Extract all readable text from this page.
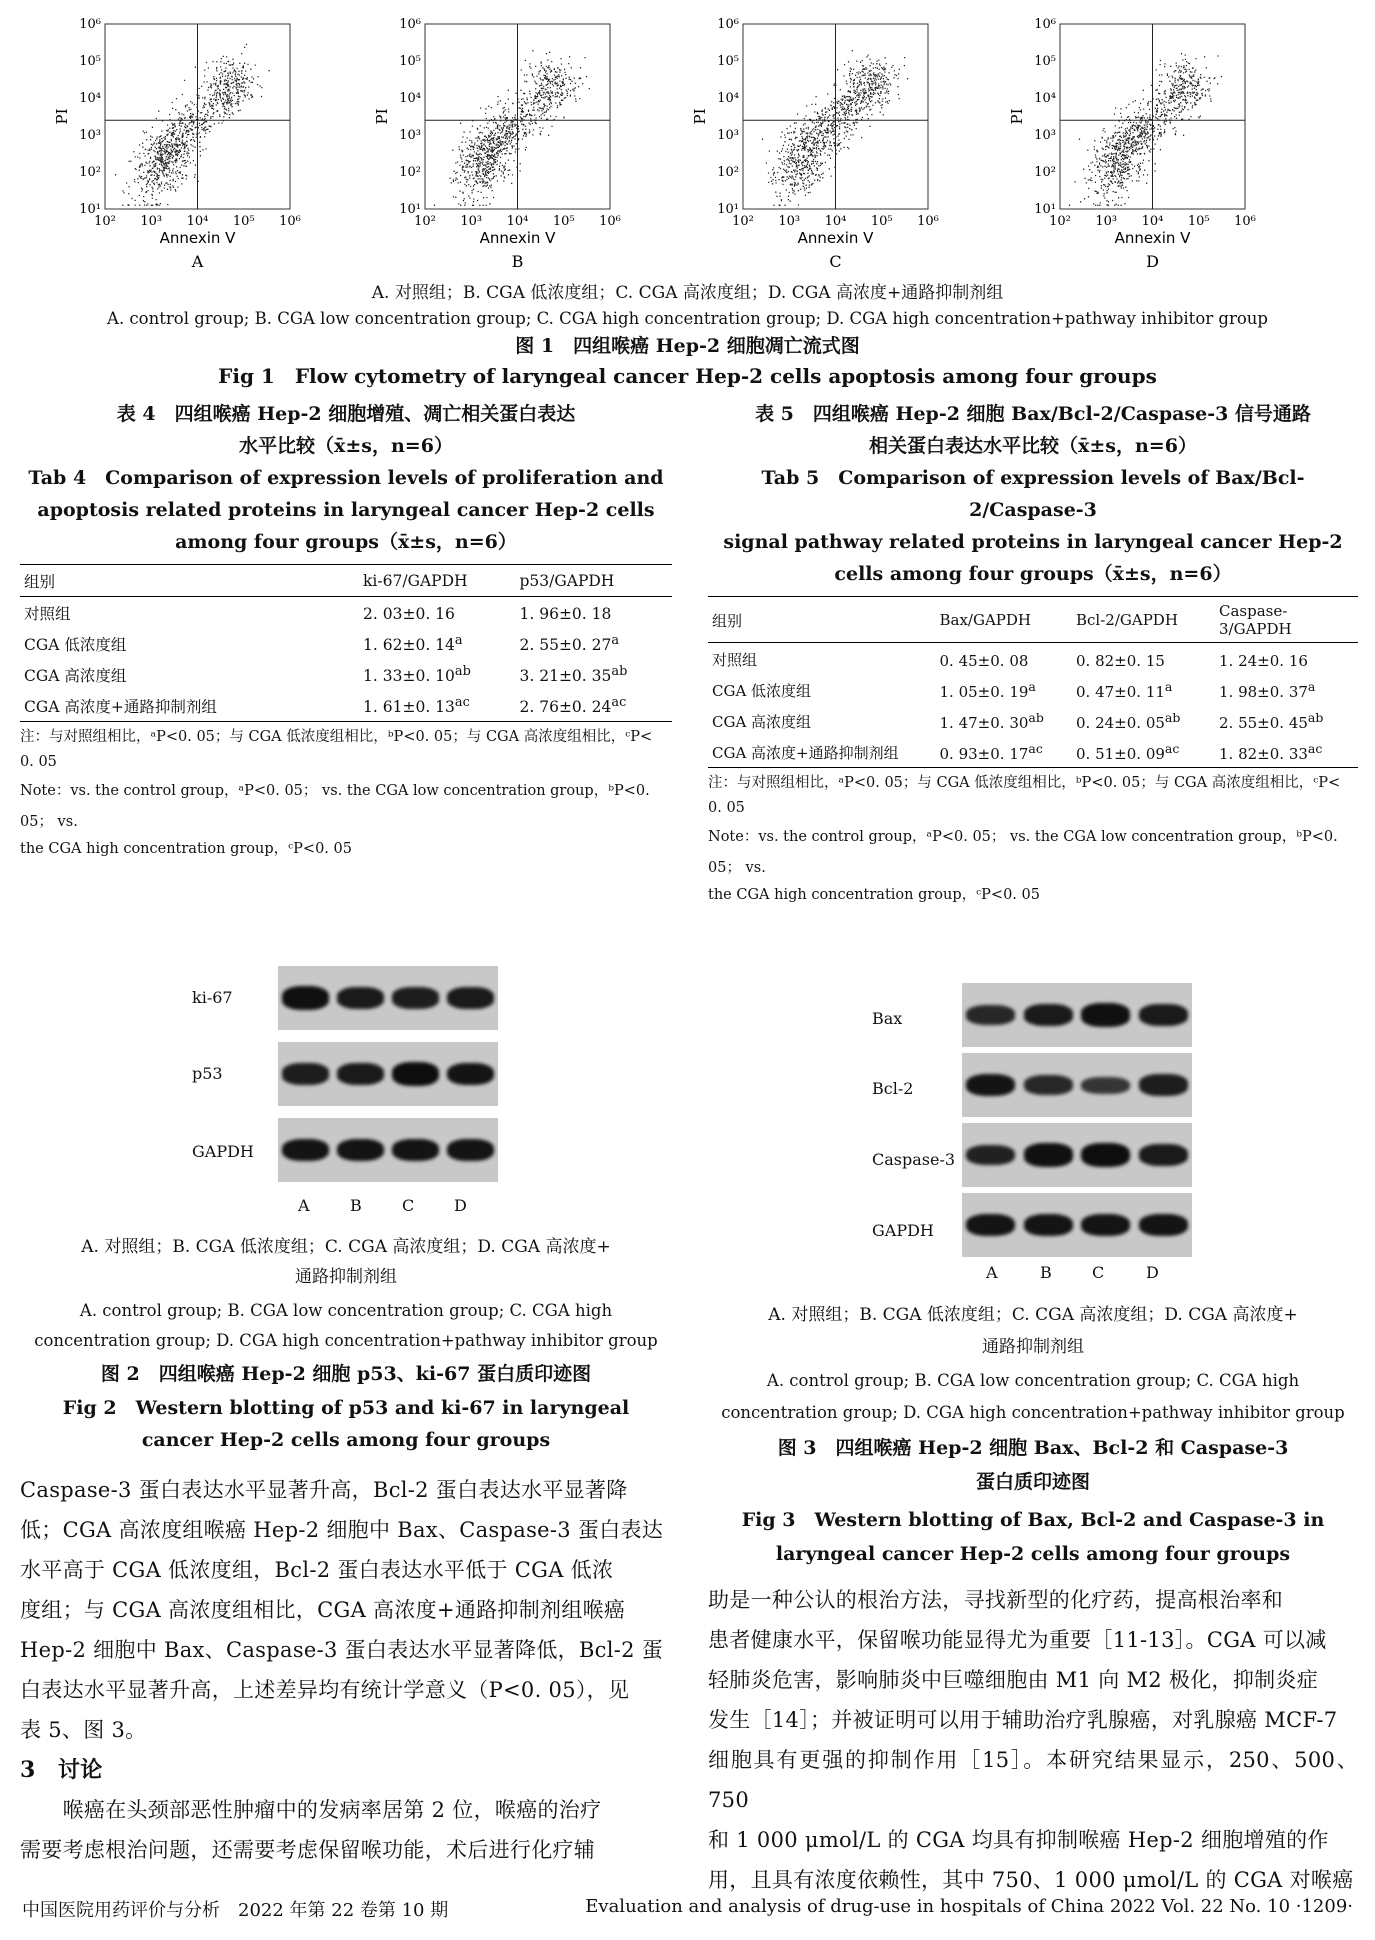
10² 10³ 10⁴ 10⁵ 10⁶
10¹
10²
10³
10⁴
10⁵
10⁶
Annexin V
PI
A
10² 10³ 10⁴ 10⁵ 10⁶
10¹
10²
10³
10⁴
10⁵
10⁶
Annexin V
PI
B
10² 10³ 10⁴ 10⁵ 10⁶
10¹
10²
10³
10⁴
10⁵
10⁶
Annexin V
PI
C
10² 10³ 10⁴ 10⁵ 10⁶
10¹
10²
10³
10⁴
10⁵
10⁶
Annexin V
PI
D
A. 对照组；B. CGA 低浓度组；C. CGA 高浓度组；D. CGA 高浓度+通路抑制剂组
A. control group; B. CGA low concentration group; C. CGA high concentration group; D. CGA high concentration+pathway inhibitor group
图 1　四组喉癌 Hep-2 细胞凋亡流式图
Fig 1　Flow cytometry of laryngeal cancer Hep-2 cells apoptosis among four groups
表 4　四组喉癌 Hep-2 细胞增殖、凋亡相关蛋白表达
水平比较（x̄±s，n=6）
Tab 4　Comparison of expression levels of proliferation and
apoptosis related proteins in laryngeal cancer Hep-2 cells
among four groups（x̄±s，n=6）
组别	ki-67/GAPDH	p53/GAPDH
对照组	2. 03±0. 16	1. 96±0. 18
CGA 低浓度组	1. 62±0. 14$^a$	2. 55±0. 27$^a$
CGA 高浓度组	1. 33±0. $10^{ab}$	3. 21±0. $35^{ab}$
CGA 高浓度+通路抑制剂组	1. 61±0. $13^{ac}$	2. 76±0. $24^{ac}$
注：与对照组相比，ᵃP<0. 05；与 CGA 低浓度组相比，ᵇP<0. 05；与 CGA 高浓度组相比，ᶜP<
0. 05
Note：vs. the control group，ᵃP<0. 05； vs. the CGA low concentration group，ᵇP<0. 05； vs.
the CGA high concentration group，ᶜP<0. 05
表 5　四组喉癌 Hep-2 细胞 Bax/Bcl-2/Caspase-3 信号通路
相关蛋白表达水平比较（x̄±s，n=6）
Tab 5　Comparison of expression levels of Bax/Bcl-2/Caspase-3
signal pathway related proteins in laryngeal cancer Hep-2
cells among four groups（x̄±s，n=6）
组别	Bax/GAPDH	Bcl-2/GAPDH	Caspase-3/GAPDH
对照组	0. 45±0. 08	0. 82±0. 15	1. 24±0. 16
CGA 低浓度组	1. 05±0. 19$^a$	0. 47±0. 11$^a$	1. 98±0. 37$^a$
CGA 高浓度组	1. 47±0. $30^{ab}$	0. 24±0. $05^{ab}$	2. 55±0. $45^{ab}$
CGA 高浓度+通路抑制剂组	0. 93±0. $17^{ac}$	0. 51±0. $09^{ac}$	1. 82±0. $33^{ac}$
注：与对照组相比，ᵃP<0. 05；与 CGA 低浓度组相比，ᵇP<0. 05；与 CGA 高浓度组相比，ᶜP<
0. 05
Note：vs. the control group，ᵃP<0. 05； vs. the CGA low concentration group，ᵇP<0. 05； vs.
the CGA high concentration group，ᶜP<0. 05
ki-67
p53
GAPDH
A	B	C D
A. 对照组；B. CGA 低浓度组；C. CGA 高浓度组；D. CGA 高浓度+
通路抑制剂组
A. control group; B. CGA low concentration group; C. CGA high
concentration group; D. CGA high concentration+pathway inhibitor group
图 2　四组喉癌 Hep-2 细胞 p53、ki-67 蛋白质印迹图
Fig 2　Western blotting of p53 and ki-67 in laryngeal
cancer Hep-2 cells among four groups
Bax
Bcl-2
Caspase-3
GAPDH
A	B	C	D
A. 对照组；B. CGA 低浓度组；C. CGA 高浓度组；D. CGA 高浓度+
通路抑制剂组
A. control group; B. CGA low concentration group; C. CGA high
concentration group; D. CGA high concentration+pathway inhibitor group
图 3　四组喉癌 Hep-2 细胞 Bax、Bcl-2 和 Caspase-3
蛋白质印迹图
Fig 3　Western blotting of Bax, Bcl-2 and Caspase-3 in
laryngeal cancer Hep-2 cells among four groups
Caspase-3 蛋白表达水平显著升高，Bcl-2 蛋白表达水平显著降
低；CGA 高浓度组喉癌 Hep-2 细胞中 Bax、Caspase-3 蛋白表达
水平高于 CGA 低浓度组，Bcl-2 蛋白表达水平低于 CGA 低浓
度组；与 CGA 高浓度组相比，CGA 高浓度+通路抑制剂组喉癌
Hep-2 细胞中 Bax、Caspase-3 蛋白表达水平显著降低，Bcl-2 蛋
白表达水平显著升高，上述差异均有统计学意义（P<0. 05），见
表 5、图 3。
3　讨论
　　喉癌在头颈部恶性肿瘤中的发病率居第 2 位，喉癌的治疗
需要考虑根治问题，还需要考虑保留喉功能，术后进行化疗辅
助是一种公认的根治方法，寻找新型的化疗药，提高根治率和
患者健康水平，保留喉功能显得尤为重要［11-13］。CGA 可以减
轻肺炎危害，影响肺炎中巨噬细胞由 M1 向 M2 极化，抑制炎症
发生［14］；并被证明可以用于辅助治疗乳腺癌，对乳腺癌 MCF-7
细胞具有更强的抑制作用［15］。本研究结果显示，250、500、750
和 1 000 μmol/L 的 CGA 均具有抑制喉癌 Hep-2 细胞增殖的作
用，且具有浓度依赖性，其中 750、1 000 μmol/L 的 CGA 对喉癌
中国医院用药评价与分析　2022 年第 22 卷第 10 期	Evaluation and analysis of drug-use in hospitals of China 2022 Vol. 22 No. 10 ·1209·
